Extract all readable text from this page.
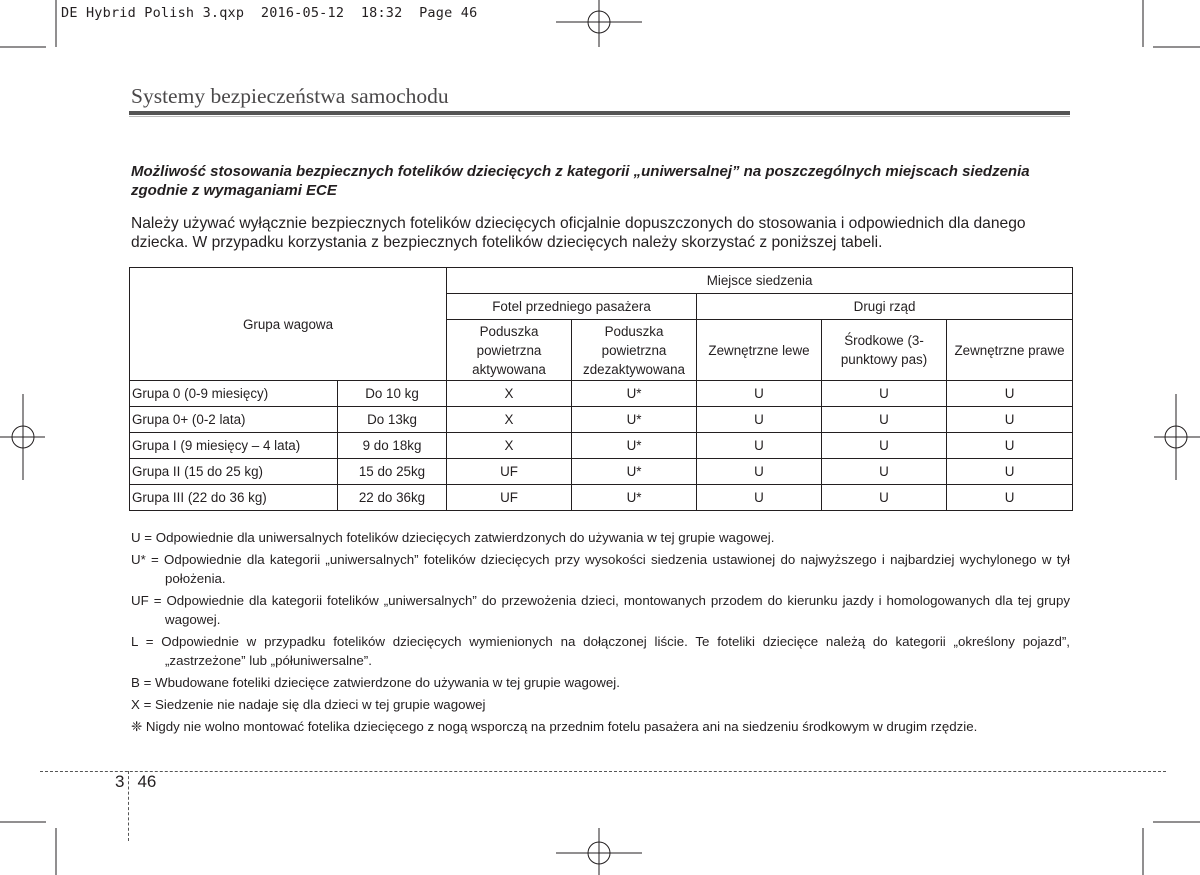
DE Hybrid Polish 3.qxp 2016-05-12 18:32 Page 46
Systemy bezpieczeństwa samochodu
Możliwość stosowania bezpiecznych fotelików dziecięcych z kategorii „uniwersalnej” na poszczególnych miejscach siedzenia zgodnie z wymaganiami ECE
Należy używać wyłącznie bezpiecznych fotelików dziecięcych oficjalnie dopuszczonych do stosowania i odpowiednich dla danego dziecka. W przypadku korzystania z bezpiecznych fotelików dziecięcych należy skorzystać z poniższej tabeli.
Grupa wagowa		Miejsce siedzenia				
		Fotel przedniego pasażera		Drugi rząd		
		Poduszka powietrzna aktywowana	Poduszka powietrzna zdezaktywowana	Zewnętrzne lewe	Środkowe (3-punktowy pas)	Zewnętrzne prawe
Grupa 0 (0-9 miesięcy)	Do 10 kg	X	U*	U	U	U
Grupa 0+ (0-2 lata)	Do 13kg	X	U*	U	U	U
Grupa I (9 miesięcy – 4 lata)	9 do 18kg	X	U*	U	U	U
Grupa II (15 do 25 kg)	15 do 25kg	UF	U*	U	U	U
Grupa III (22 do 36 kg)	22 do 36kg	UF	U*	U	U	U

U = Odpowiednie dla uniwersalnych fotelików dziecięcych zatwierdzonych do używania w tej grupie wagowej.

U* = Odpowiednie dla kategorii „uniwersalnych” fotelików dziecięcych przy wysokości siedzenia ustawionej do najwyższego i najbardziej wychylonego w tył położenia.

UF = Odpowiednie dla kategorii fotelików „uniwersalnych” do przewożenia dzieci, montowanych przodem do kierunku jazdy i homologowanych dla tej grupy wagowej.

L = Odpowiednie w przypadku fotelików dziecięcych wymienionych na dołączonej liście. Te foteliki dziecięce należą do kategorii „określony pojazd”, „zastrzeżone” lub „półuniwersalne”.

B = Wbudowane foteliki dziecięce zatwierdzone do używania w tej grupie wagowej.

X = Siedzenie nie nadaje się dla dzieci w tej grupie wagowej

❈ Nigdy nie wolno montować fotelika dziecięcego z nogą wsporczą na przednim fotelu pasażera ani na siedzeniu środkowym w drugim rzędzie.

3 46
